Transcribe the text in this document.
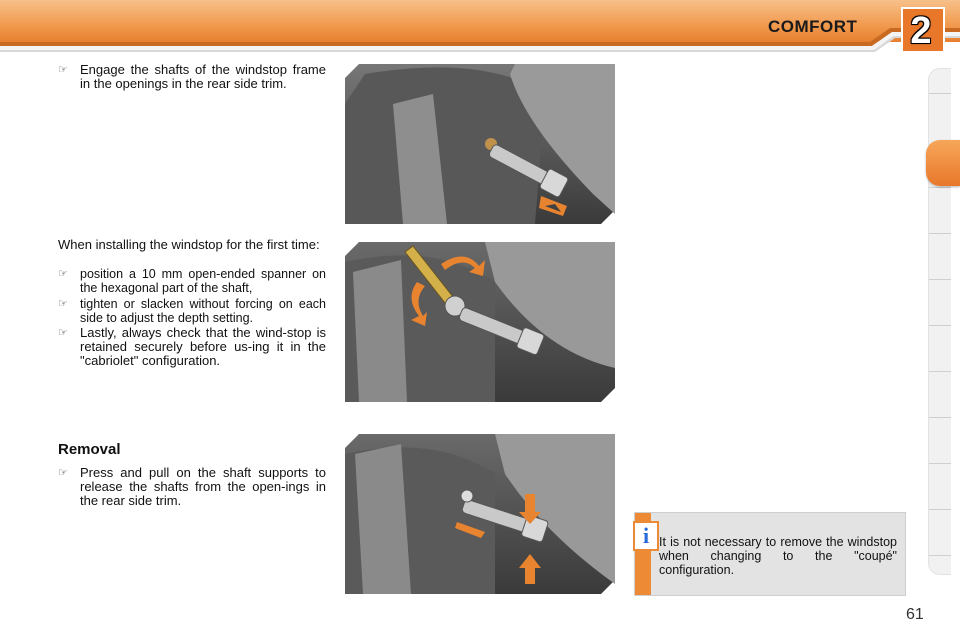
COMFORT	2
☞ Engage the shafts of the windstop frame in the openings in the rear side trim.
When installing the windstop for the first time:
☞ position a 10 mm open-ended spanner on the hexagonal part of the shaft,
☞ tighten or slacken without forcing on each side to adjust the depth setting.
☞ Lastly, always check that the wind-stop is retained securely before us-ing it in the "cabriolet" configuration.
Removal
☞ Press and pull on the shaft supports to release the shafts from the open-ings in the rear side trim.
i It is not necessary to remove the windstop when changing to the "coupé" configuration.
61
